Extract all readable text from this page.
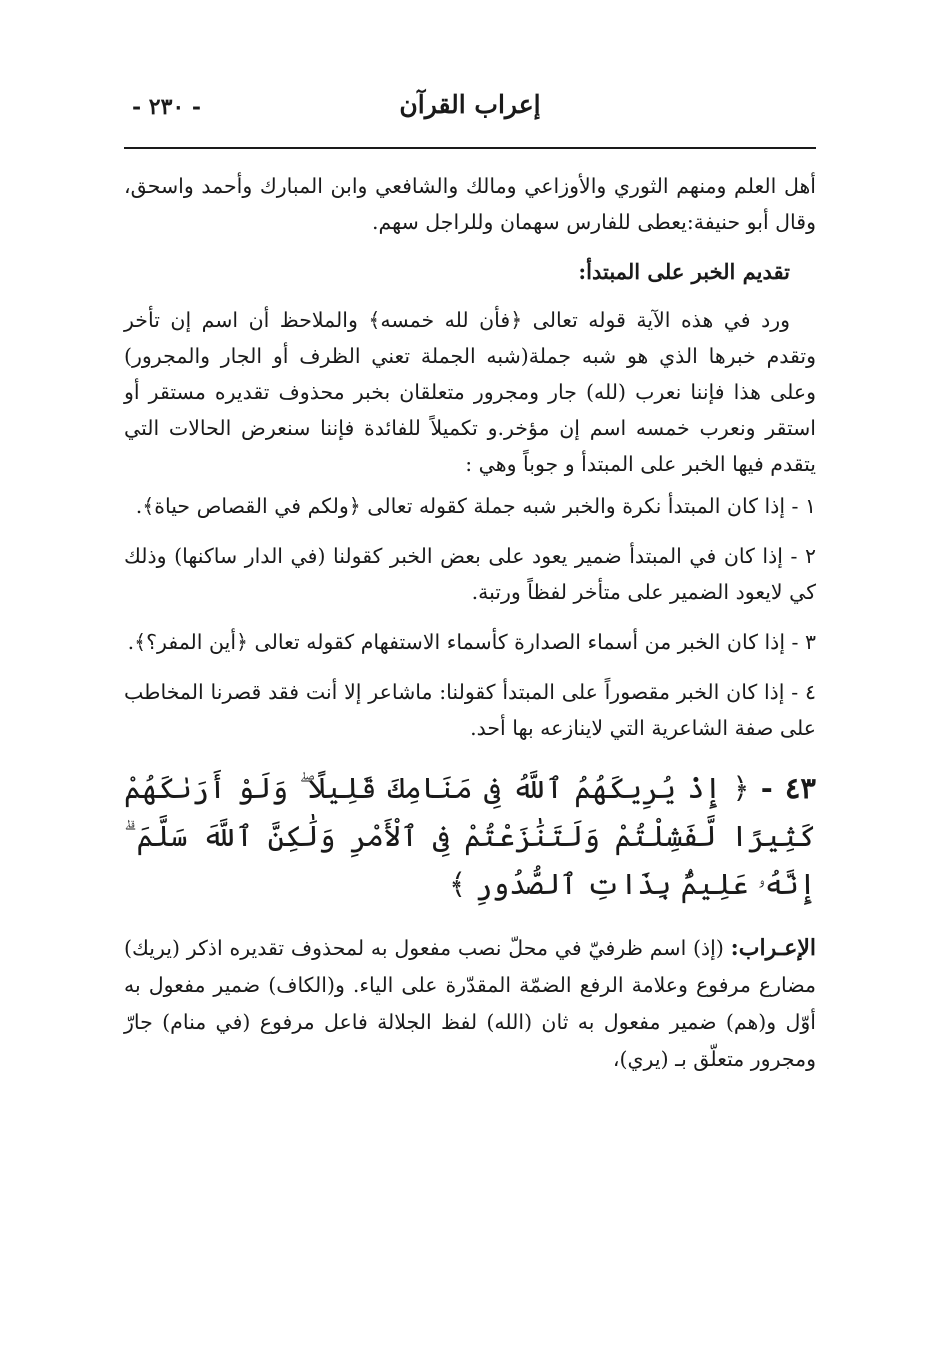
إعراب القرآن
- ٢٣٠ -

أهل العلم ومنهم الثوري والأوزاعي ومالك والشافعي وابن المبارك وأحمد واسحق، وقال أبو حنيفة:يعطى للفارس سهمان وللراجل سهم.

تقديم الخبر على المبتدأ:

ورد في هذه الآية قوله تعالى ﴿فأن لله خمسه﴾ والملاحظ أن اسم إن تأخر وتقدم خبرها الذي هو شبه جملة(شبه الجملة تعني الظرف أو الجار والمجرور) وعلى هذا فإننا نعرب (لله) جار ومجرور متعلقان بخبر محذوف تقديره مستقر أو استقر ونعرب خمسه اسم إن مؤخر.و تكميلاً للفائدة فإننا سنعرض الحالات التي يتقدم فيها الخبر على المبتدأ و جوباً وهي :

١ - إذا كان المبتدأ نكرة والخبر شبه جملة كقوله تعالى ﴿ولكم في القصاص حياة﴾.

٢ - إذا كان في المبتدأ ضمير يعود على بعض الخبر كقولنا (في الدار ساكنها) وذلك كي لايعود الضمير على متأخر لفظاً ورتبة.

٣ - إذا كان الخبر من أسماء الصدارة كأسماء الاستفهام كقوله تعالى ﴿أين المفر؟﴾.

٤ - إذا كان الخبر مقصوراً على المبتدأ كقولنا: ماشاعر إلا أنت فقد قصرنا المخاطب على صفة الشاعرية التي لاينازعه بها أحد.

٤٣ - ﴿ إِذْ يُرِيكَهُمُ ٱللَّهُ فِى مَنَامِكَ قَلِيلًا ۖ وَلَوْ أَرَىٰكَهُمْ كَثِيرًا لَّفَشِلْتُمْ وَلَتَنَٰزَعْتُمْ فِى ٱلْأَمْرِ وَلَٰكِنَّ ٱللَّهَ سَلَّمَ ۗ إِنَّهُۥ عَلِيمٌۢ بِذَاتِ ٱلصُّدُورِ ﴾

الإعـراب: (إذ) اسم ظرفيّ في محلّ نصب مفعول به لمحذوف تقديره اذكر (يريك) مضارع مرفوع وعلامة الرفع الضمّة المقدّرة على الياء. و(الكاف) ضمير مفعول به أوّل و(هم) ضمير مفعول به ثان (الله) لفظ الجلالة فاعل مرفوع (في منام) جارّ ومجرور متعلّق بـ (يري)،
